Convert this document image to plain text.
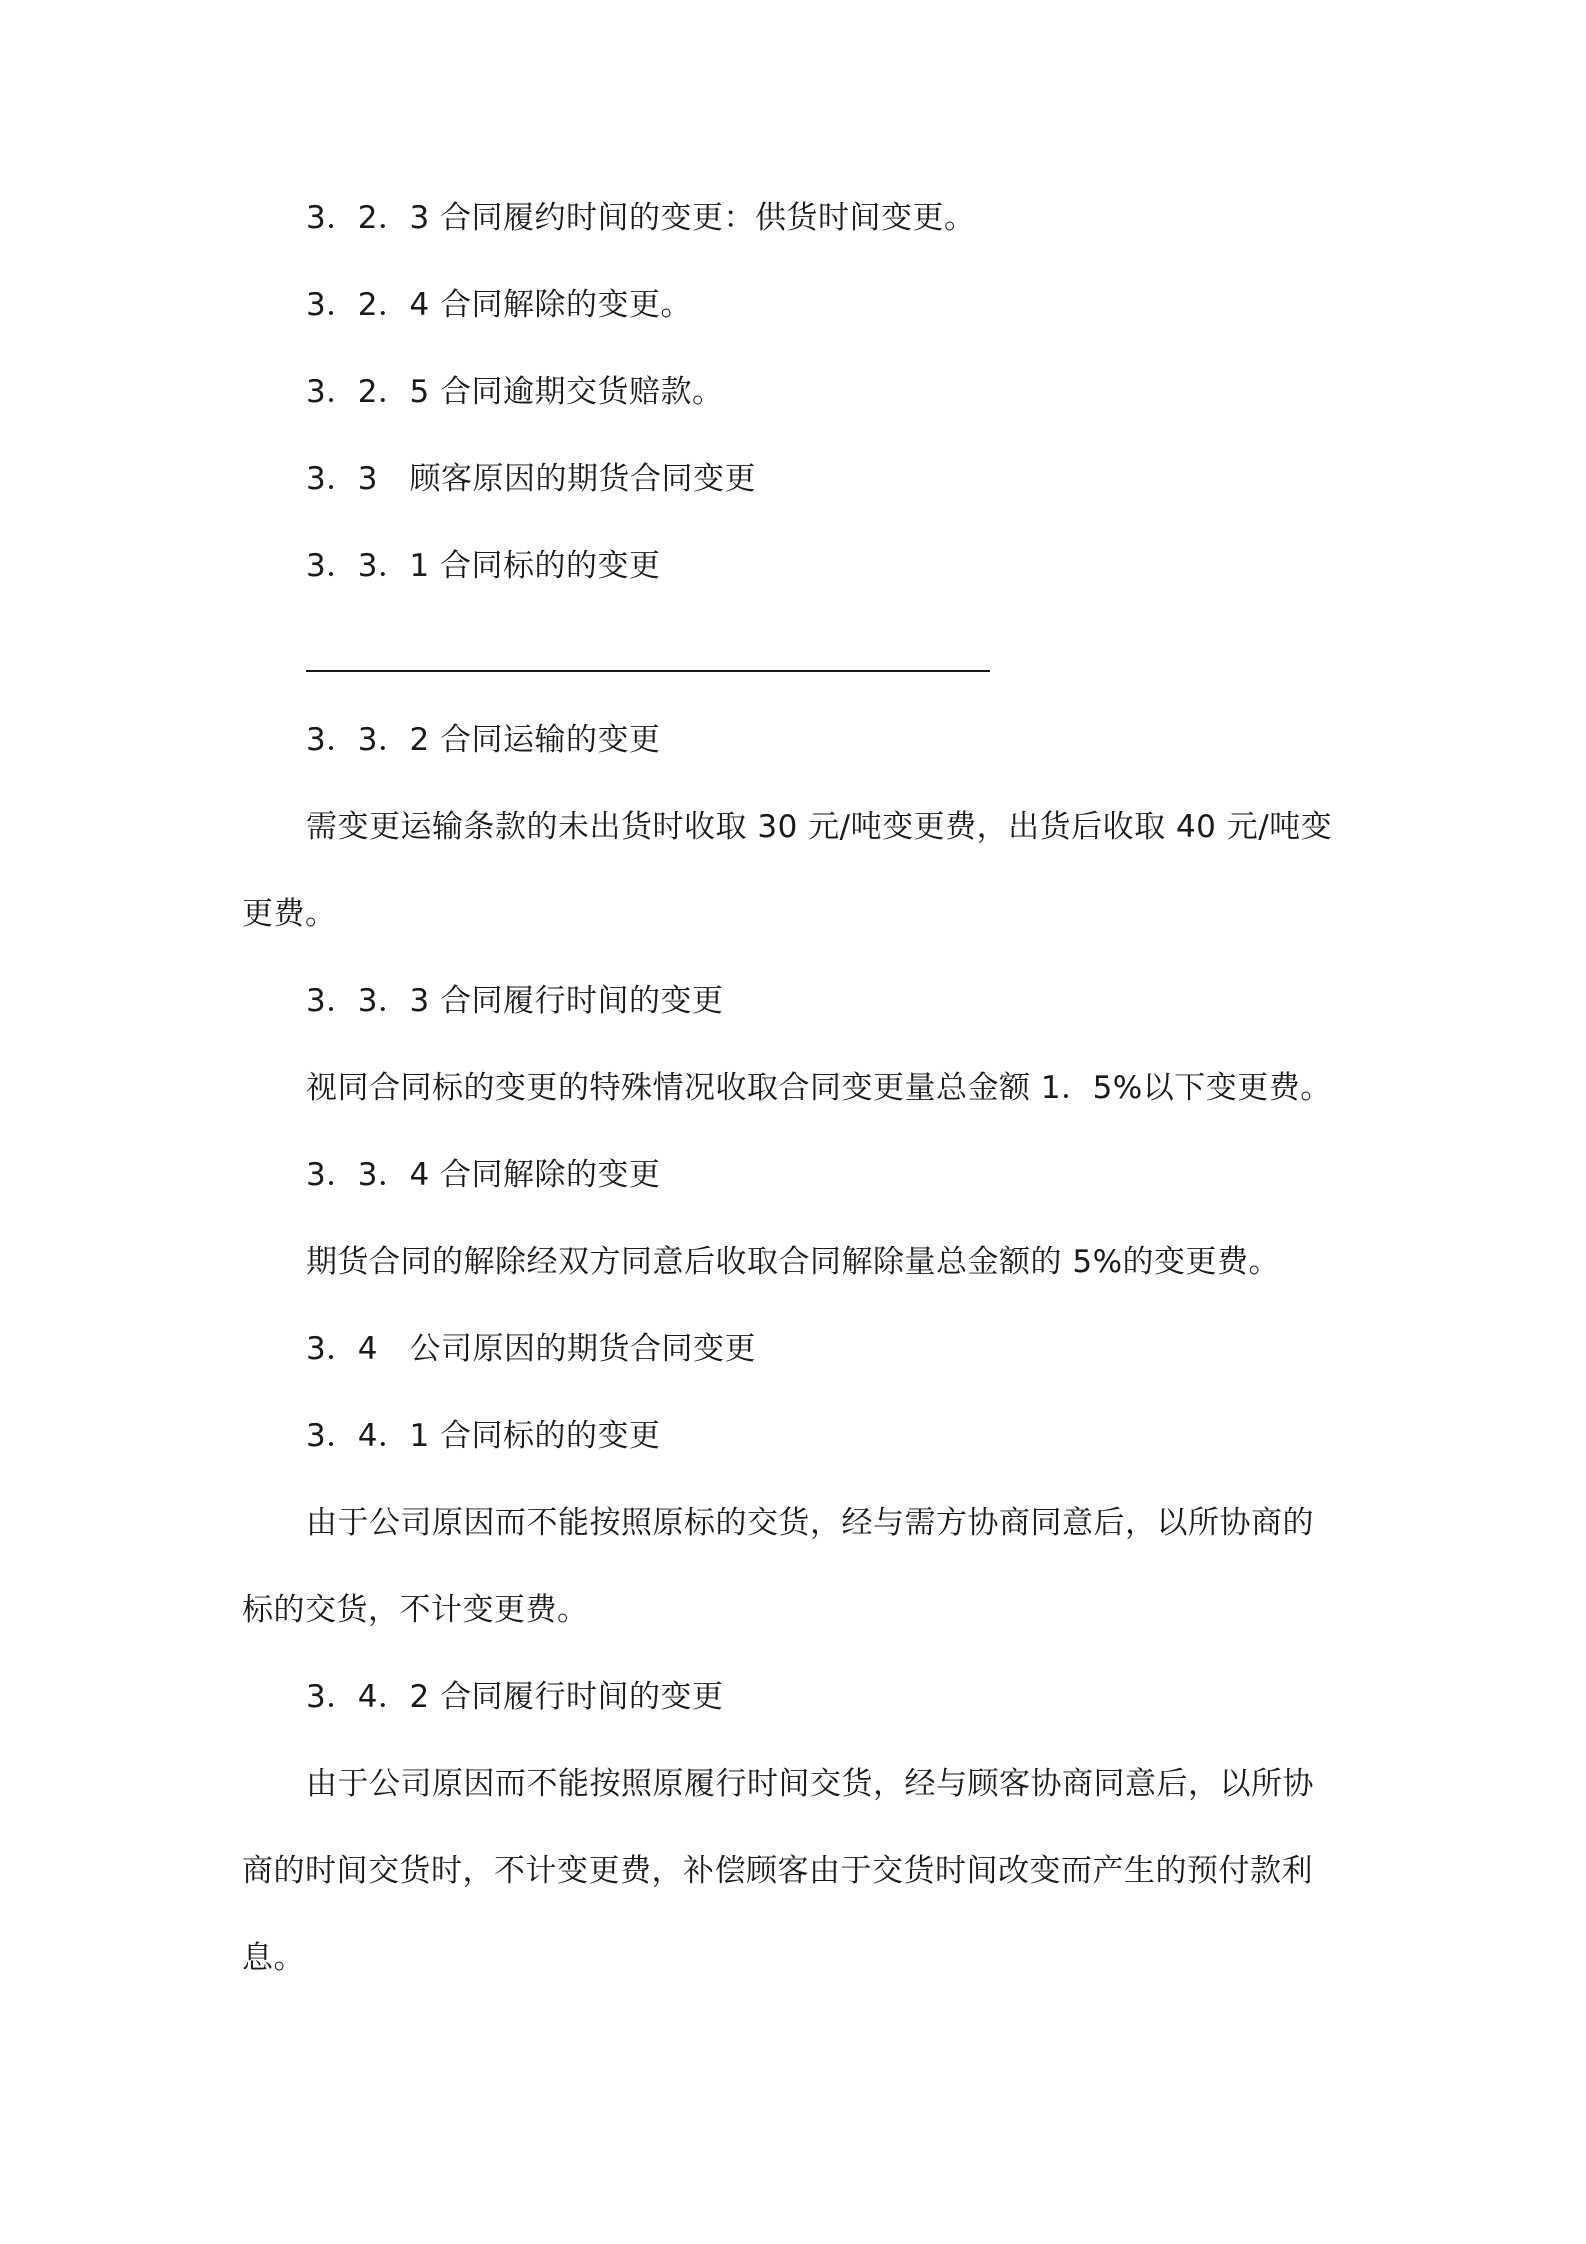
3．2．3 合同履约时间的变更：供货时间变更。
3．2．4 合同解除的变更。
3．2．5 合同逾期交货赔款。
3．3　顾客原因的期货合同变更
3．3．1 合同标的的变更
3．3．2 合同运输的变更
需变更运输条款的未出货时收取 30 元/吨变更费，出货后收取 40 元/吨变
更费。
3．3．3 合同履行时间的变更
视同合同标的变更的特殊情况收取合同变更量总金额 1．5%以下变更费。
3．3．4 合同解除的变更
期货合同的解除经双方同意后收取合同解除量总金额的 5%的变更费。
3．4　公司原因的期货合同变更
3．4．1 合同标的的变更
由于公司原因而不能按照原标的交货，经与需方协商同意后，以所协商的
标的交货，不计变更费。
3．4．2 合同履行时间的变更
由于公司原因而不能按照原履行时间交货，经与顾客协商同意后，以所协
商的时间交货时，不计变更费，补偿顾客由于交货时间改变而产生的预付款利
息。
